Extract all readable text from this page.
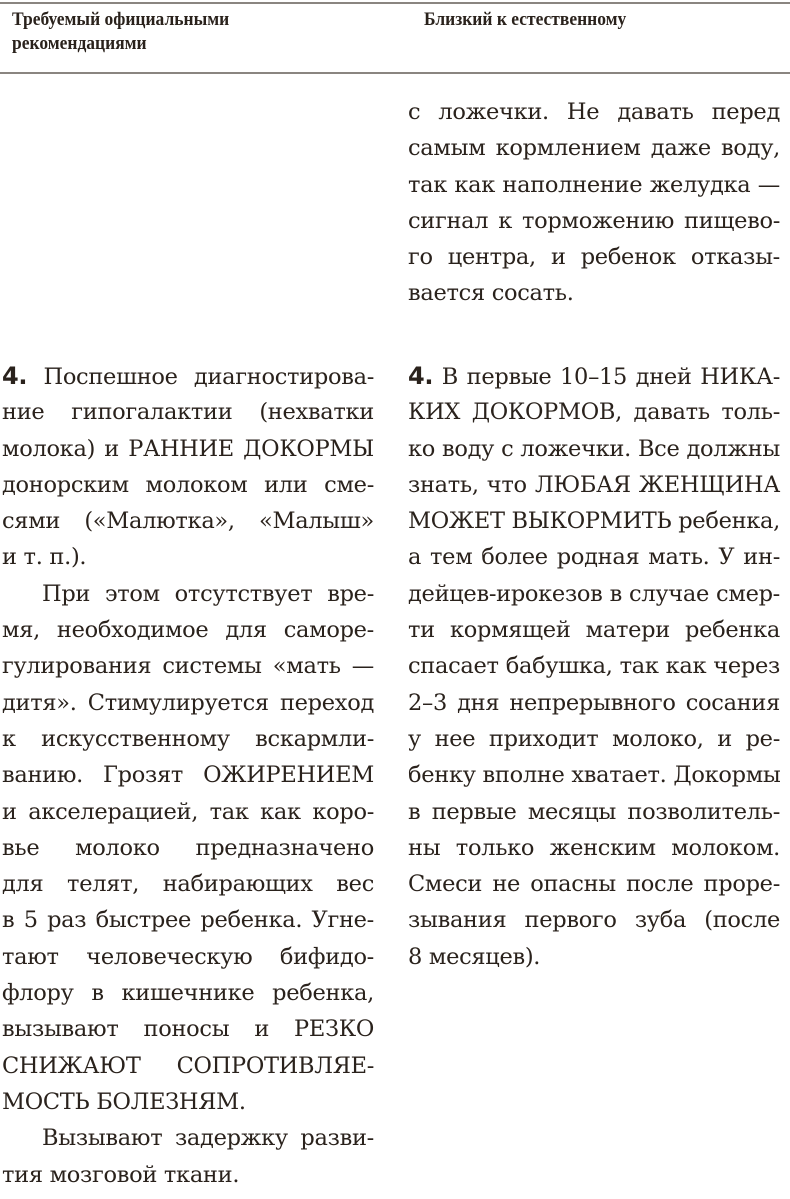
Требуемый официальными
рекомендациями
Близкий к естественному
с ложечки. Не давать перед
самым кормлением даже воду,
так как наполнение желудка —
сигнал к торможению пищево-
го центра, и ребенок отказы-
вается сосать.
4. Поспешное диагностирова-
ние гипогалактии (нехватки
молока) и РАННИЕ ДОКОРМЫ
донорским молоком или сме-
сями («Малютка», «Малыш»
и т. п.).
При этом отсутствует вре-
мя, необходимое для саморе-
гулирования системы «мать —
дитя». Стимулируется переход
к искусственному вскармли-
ванию. Грозят ОЖИРЕНИЕМ
и акселерацией, так как коро-
вье молоко предназначено
для телят, набирающих вес
в 5 раз быстрее ребенка. Угне-
тают человеческую бифидо-
флору в кишечнике ребенка,
вызывают поносы и РЕЗКО
СНИЖАЮТ СОПРОТИВЛЯЕ-
МОСТЬ БОЛЕЗНЯМ.
Вызывают задержку разви-
тия мозговой ткани.
4. В первые 10–15 дней НИКА-
КИХ ДОКОРМОВ, давать толь-
ко воду с ложечки. Все должны
знать, что ЛЮБАЯ ЖЕНЩИНА
МОЖЕТ ВЫКОРМИТЬ ребенка,
а тем более родная мать. У ин-
дейцев-ирокезов в случае смер-
ти кормящей матери ребенка
спасает бабушка, так как через
2–3 дня непрерывного сосания
у нее приходит молоко, и ре-
бенку вполне хватает. Докормы
в первые месяцы позволитель-
ны только женским молоком.
Смеси не опасны после проре-
зывания первого зуба (после
8 месяцев).
